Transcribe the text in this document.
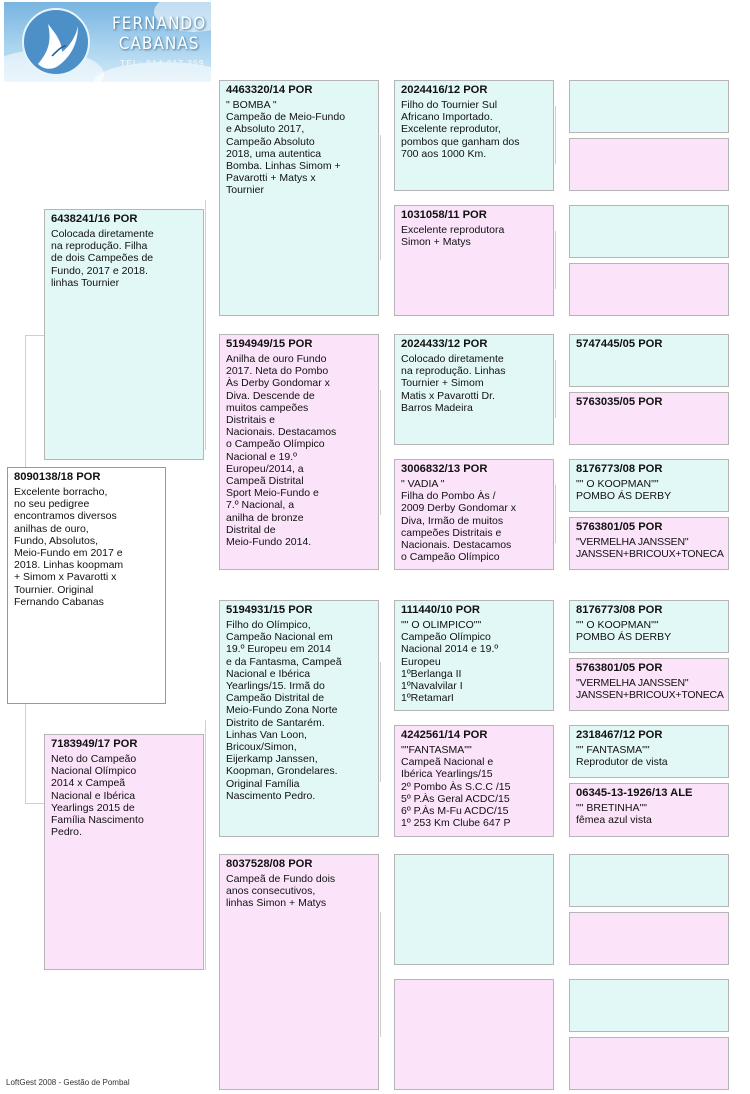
FERNANDO
CABANAS
TEL: 914 017 359
8090138/18 POR
Excelente borracho,
no seu pedigree
encontramos diversos
anilhas de ouro,
Fundo, Absolutos,
Meio-Fundo em 2017 e
2018. Linhas koopmam
+ Simom x Pavarotti x
Tournier. Original
Fernando Cabanas
6438241/16 POR
Colocada diretamente
na reprodução. Filha
de dois Campeões de
Fundo, 2017 e 2018.
linhas Tournier
7183949/17 POR
Neto do Campeão
Nacional Olímpico
2014 x Campeã
Nacional e Ibérica
Yearlings 2015 de
Família Nascimento
Pedro.
4463320/14 POR
" BOMBA "
Campeão de Meio-Fundo
e Absoluto 2017,
Campeão Absoluto
2018, uma autentica
Bomba. Linhas Simom +
Pavarotti + Matys x
Tournier
5194949/15 POR
Anilha de ouro Fundo
2017. Neta do Pombo
Às Derby Gondomar x
Diva. Descende de
muitos campeões
Distritais e
Nacionais. Destacamos
o Campeão Olímpico
Nacional e 19.º
Europeu/2014, a
Campeã Distrital
Sport Meio-Fundo e
7.º Nacional, a
anilha de bronze
Distrital de
Meio-Fundo 2014.
5194931/15 POR
Filho do Olímpico,
Campeão Nacional em
19.º Europeu em 2014
e da Fantasma, Campeã
Nacional e Ibérica
Yearlings/15. Irmã do
Campeão Distrital de
Meio-Fundo Zona Norte
Distrito de Santarém.
Linhas Van Loon,
Bricoux/Simon,
Eijerkamp Janssen,
Koopman, Grondelares.
Original Família
Nascimento Pedro.
8037528/08 POR
Campeã de Fundo dois
anos consecutivos,
linhas Simon + Matys
2024416/12 POR
Filho do Tournier Sul
Africano Importado.
Excelente reprodutor,
pombos que ganham dos
700 aos 1000 Km.
1031058/11 POR
Excelente reprodutora
Simon + Matys
2024433/12 POR
Colocado diretamente
na reprodução. Linhas
Tournier + Simom
Matis x Pavarotti Dr.
Barros Madeira
3006832/13 POR
" VADIA "
Filha do Pombo Às /
2009 Derby Gondomar x
Diva, Irmão de muitos
campeões Distritais e
Nacionais. Destacamos
o Campeão Olímpico
111440/10 POR
"" O OLIMPICO""
Campeão Olímpico
Nacional 2014 e 19.º
Europeu
1ºBerlanga II
1ºNavalvilar I
1ºRetamarI
4242561/14 POR
""FANTASMA""
Campeã Nacional e
Ibérica Yearlings/15
2º Pombo Às S.C.C /15
5º P.Às Geral ACDC/15
6º P.Às M-Fu ACDC/15
1º 253 Km Clube 647 P
5747445/05 POR
5763035/05 POR
8176773/08 POR
"" O KOOPMAN""
POMBO ÁS DERBY
5763801/05 POR
"VERMELHA JANSSEN"
JANSSEN+BRICOUX+TONECA
8176773/08 POR
"" O KOOPMAN""
POMBO ÁS DERBY
5763801/05 POR
"VERMELHA JANSSEN"
JANSSEN+BRICOUX+TONECA
2318467/12 POR
"" FANTASMA""
Reprodutor de vista
06345-13-1926/13 ALE
"" BRETINHA""
fêmea azul vista
LoftGest 2008 - Gestão de Pombal
